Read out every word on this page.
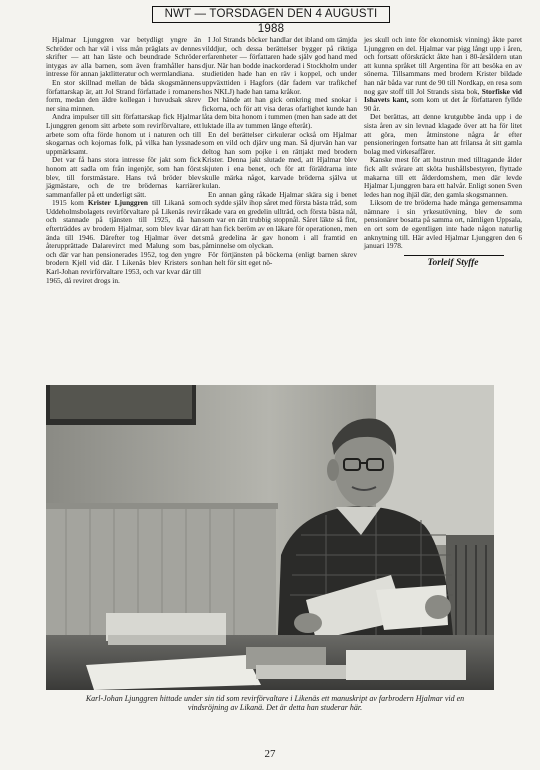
NWT — TORSDAGEN DEN 4 AUGUSTI 1988

Hjalmar Ljunggren var betydligt yngre än Schröder och har väl i viss mån präglats av dennes skrifter — att han läste och beundrade Schröder intygas av alla barnen, som även framhåller hans intresse för annan jaktlitteratur och wermlandiana.

En stor skillnad mellan de båda skogsmännens författarskap är, att Jol Strand författade i romanens form, medan den äldre kollegan i huvudsak skrev ner sina minnen.

Andra impulser till sitt författarskap fick Hjalmar Ljunggren genom sitt arbete som revirförvaltare, ett arbete som ofta förde honom ut i naturen och till skogarnas och kojornas folk, på vilka han lyssnade uppmärksamt.

Det var få hans stora intresse för jakt som fick honom att sadla om från ingenjör, som han först blev, till forstmästare. Hans två bröder blev jägmästare, och de tre brödernas karriärer sammanfaller på ett underligt sätt.

1915 kom Krister Ljunggren till Likanä som Uddeholmsbolagets revirförvaltare på Likenäs revir och stannade på tjänsten till 1925, då han efterträddes av brodern Hjalmar, som blev kvar där ända till 1946. Därefter tog Hjalmar över det återupprättade Dalarevirct med Malung som bas, och där var han pensionerades 1952, tog den yngre brodern Kjell vid där. I Likenäs blev Kristers son Karl-Johan revirförvaltare 1953, och var kvar där till 1965, då reviret drogs in.

I Jol Strands böcker handlar det ibland om tämjda vilddjur, och dessa berättelser bygger på riktiga erfarenheter — författaren hade själv god hand med djur. När han bodde inackorderad i Stockholm under studietiden hade han en räv i koppel, och under uppväxttiden i Hagfors (där fadern var trafikchef hos NKLJ) hade han tama kråkor.

Det hände att han gick omkring med snokar i fickorna, och för att visa deras ofarlighet kunde han låta dem bita honom i tummen (men han sade att det luktade illa av tummen länge efteråt).

En del berättelser cirkulerar också om Hjalmar som en vild och djärv ung man. Så djurvän han var deltog han som pojke i en rättjakt med brodern Krister. Denna jakt slutade med, att Hjalmar blev skjuten i ena benet, och för att föräldrarna inte skulle märka något, karvade bröderna själva ut kulan.

En annan gång råkade Hjalmar skära sig i benet och sydde själv ihop såret med första bästa tråd, som råkade vara en gredelin ullträd, och första bästa nål, som var en rätt trubbig stoppnål. Såret läkte så fint, att han fick beröm av en läkare för operationen, men små gredelina är gav honom i all framtid en påminnelse om olyckan.

För förtjänsten på böckerna (enligt barnen skrev han helt för sitt eget nö-

jes skull och inte för ekonomisk vinning) åkte paret Ljunggren en del. Hjalmar var pigg långt upp i åren, och fortsatt oförskräckt åkte han i 80-årsåldern utan att kunna språket till Argentina för att besöka en av sönerna. Tillsammans med brodern Krister bildade han när båda var runt de 90 till Nordkap, en resa som nog gav stoff till Jol Strands sista bok, Storfiske vid Ishavets kant, som kom ut det år författaren fyllde 90 år.

Det berättas, att denne krutgubbe ända upp i de sista åren av sin levnad klagade över att ha för litet att göra, men åtminstone några år efter pensioneringen fortsatte han att frilansa åt sitt gamla bolag med virkesaffärer.

Kanske mest för att hustrun med tilltagande ålder fick allt svårare att sköta hushållsbestyren, flyttade makarna till ett ålderdomshem, men där levde Hjalmar Ljunggren bara ett halvår. Enligt sonen Sven ledes han nog ihjäl där, den gamla skogsmannen.

Liksom de tre bröderna hade många gemensamma nämnare i sin yrkesutövning, blev de som pensionärer bosatta på samma ort, nämligen Uppsala, en ort som de egentligen inte hade någon naturlig anknytning till. Här avled Hjalmar Ljunggren den 6 januari 1978.

Torleif Styffe
Karl-Johan Ljunggren hittade under sin tid som revirförvaltare i Likenäs ett manuskript av farbrodern Hjalmar vid en vindsröjning av Likanä. Det är detta han studerar här.
27
